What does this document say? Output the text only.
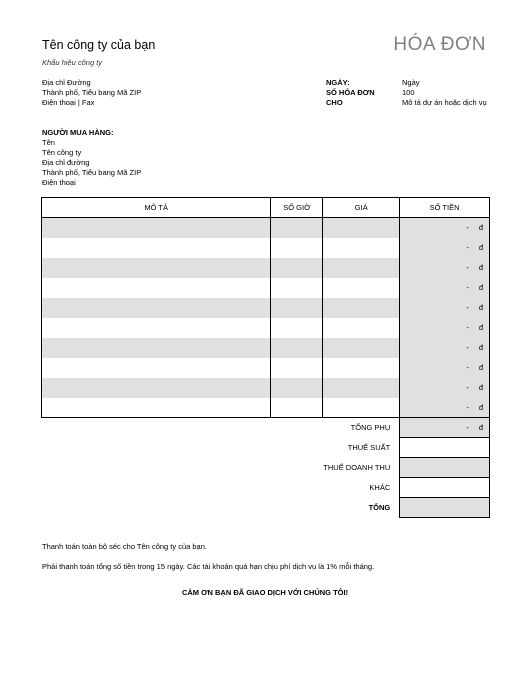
Tên công ty của bạn
Khẩu hiệu công ty
HÓA ĐƠN
Địa chỉ Đường
Thành phố, Tiểu bang Mã ZIP
Điện thoại | Fax
NGÀY:	Ngày
SỐ HÓA ĐƠN	100
CHO	Mô tả dự án hoặc dịch vụ
NGƯỜI MUA HÀNG:
Tên
Tên công ty
Địa chỉ đường
Thành phố, Tiểu bang Mã ZIP
Điện thoại
MÔ TẢ	SỐ GIỜ	GIÁ	SỐ TIỀN
			- đ
			- đ
			- đ
			- đ
			- đ
			- đ
			- đ
			- đ
			- đ
			- đ
TỔNG PHỤ	- đ
THUẾ SUẤT	
THUẾ DOANH THU	
KHÁC	
TỔNG	
Thanh toán toàn bộ séc cho Tên công ty của bạn.
Phải thanh toán tổng số tiền trong 15 ngày. Các tài khoản quá hạn chịu phí dịch vụ là 1% mỗi tháng.
CẢM ƠN BẠN ĐÃ GIAO DỊCH VỚI CHÚNG TÔI!
